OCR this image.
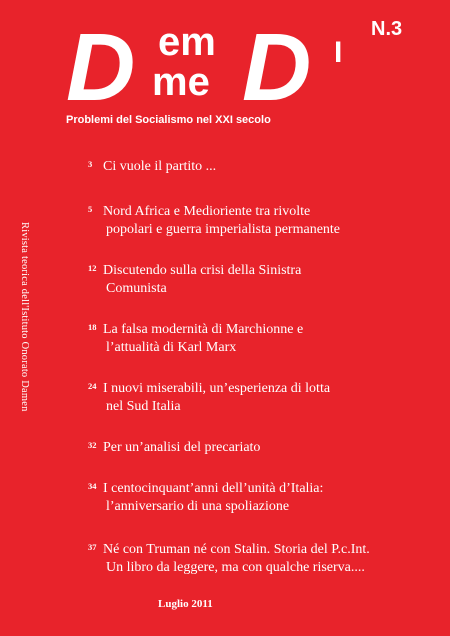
D em
me D I
N.3
Problemi del Socialismo nel XXI secolo
Rivista teorica dell'Istituto Onorato Damen
3 Ci vuole il partito ...
5 Nord Africa e Medioriente tra rivolte
popolari e guerra imperialista permanente
12 Discutendo sulla crisi della Sinistra
Comunista
18 La falsa modernità di Marchionne e
l’attualità di Karl Marx
24 I nuovi miserabili, un’esperienza di lotta
nel Sud Italia
32 Per un’analisi del precariato
34 I centocinquant’anni dell’unità d’Italia:
l’anniversario di una spoliazione
37 Né con Truman né con Stalin. Storia del P.c.Int.
Un libro da leggere, ma con qualche riserva....
Luglio 2011
